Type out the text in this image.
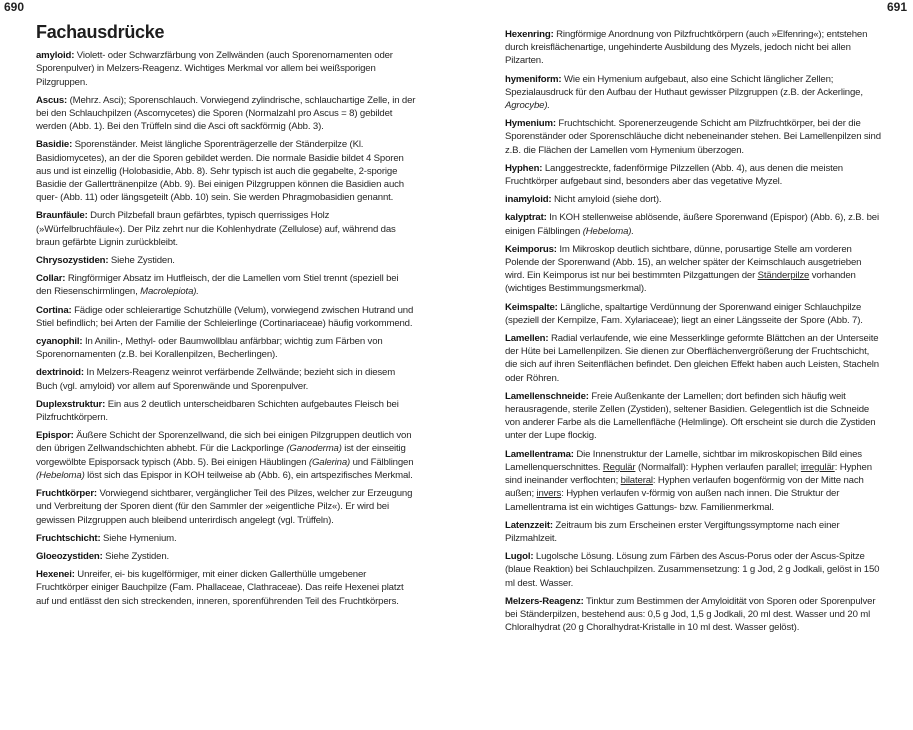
690	691
Fachausdrücke

amyloid: Violett- oder Schwarzfärbung von Zellwänden (auch Sporenornamenten oder Sporenpulver) in Melzers-Reagenz. Wichtiges Merkmal vor allem bei weißsporigen Pilzgruppen.

Ascus: (Mehrz. Asci); Sporenschlauch. Vorwiegend zylindrische, schlauchartige Zelle, in der bei den Schlauchpilzen (Ascomycetes) die Sporen (Normalzahl pro Ascus = 8) gebildet werden (Abb. 1). Bei den Trüffeln sind die Asci oft sackförmig (Abb. 3).

Basidie: Sporenständer. Meist längliche Sporenträgerzelle der Ständerpilze (Kl. Basidiomycetes), an der die Sporen gebildet werden. Die normale Basidie bildet 4 Sporen aus und ist einzellig (Holobasidie, Abb. 8). Sehr typisch ist auch die gegabelte, 2-sporige Basidie der Gallerttränenpilze (Abb. 9). Bei einigen Pilzgruppen können die Basidien auch quer- (Abb. 11) oder längsgeteilt (Abb. 10) sein. Sie werden Phragmobasidien genannt.

Braunfäule: Durch Pilzbefall braun gefärbtes, typisch querrissiges Holz (»Würfelbruchfäule«). Der Pilz zehrt nur die Kohlenhydrate (Zellulose) auf, während das braun gefärbte Lignin zurückbleibt.

Chrysozystiden: Siehe Zystiden.

Collar: Ringförmiger Absatz im Hutfleisch, der die Lamellen vom Stiel trennt (speziell bei den Riesenschirmlingen, Macrolepiota).

Cortina: Fädige oder schleierartige Schutzhülle (Velum), vorwiegend zwischen Hutrand und Stiel befindlich; bei Arten der Familie der Schleierlinge (Cortinariaceae) häufig vorkommend.

cyanophil: In Anilin-, Methyl- oder Baumwollblau anfärbbar; wichtig zum Färben von Sporenornamenten (z.B. bei Korallenpilzen, Becherlingen).

dextrinoid: In Melzers-Reagenz weinrot verfärbende Zellwände; bezieht sich in diesem Buch (vgl. amyloid) vor allem auf Sporenwände und Sporenpulver.

Duplexstruktur: Ein aus 2 deutlich unterscheidbaren Schichten aufgebautes Fleisch bei Pilzfruchtkörpern.

Epispor: Äußere Schicht der Sporenzellwand, die sich bei einigen Pilzgruppen deutlich von den übrigen Zellwandschichten abhebt. Für die Lackporlinge (Ganoderma) ist der einseitig vorgewölbte Episporsack typisch (Abb. 5). Bei einigen Häublingen (Galerina) und Fälblingen (Hebeloma) löst sich das Epispor in KOH teilweise ab (Abb. 6), ein artspezifisches Merkmal.

Fruchtkörper: Vorwiegend sichtbarer, vergänglicher Teil des Pilzes, welcher zur Erzeugung und Verbreitung der Sporen dient (für den Sammler der »eigentliche Pilz«). Er wird bei gewissen Pilzgruppen auch bleibend unterirdisch angelegt (vgl. Trüffeln).

Fruchtschicht: Siehe Hymenium.

Gloeozystiden: Siehe Zystiden.

Hexenei: Unreifer, ei- bis kugelförmiger, mit einer dicken Gallerthülle umgebener Fruchtkörper einiger Bauchpilze (Fam. Phallaceae, Clathraceae). Das reife Hexenei platzt auf und entlässt den sich streckenden, inneren, sporenführenden Teil des Fruchtkörpers.

Hexenring: Ringförmige Anordnung von Pilzfruchtkörpern (auch »Elfenring«); entstehen durch kreisflächenartige, ungehinderte Ausbildung des Myzels, jedoch nicht bei allen Pilzarten.

hymeniform: Wie ein Hymenium aufgebaut, also eine Schicht länglicher Zellen; Spezialausdruck für den Aufbau der Huthaut gewisser Pilzgruppen (z.B. der Ackerlinge, Agrocybe).

Hymenium: Fruchtschicht. Sporenerzeugende Schicht am Pilzfruchtkörper, bei der die Sporenständer oder Sporenschläuche dicht nebeneinander stehen. Bei Lamellenpilzen sind z.B. die Flächen der Lamellen vom Hymenium überzogen.

Hyphen: Langgestreckte, fadenförmige Pilzzellen (Abb. 4), aus denen die meisten Fruchtkörper aufgebaut sind, besonders aber das vegetative Myzel.

inamyloid: Nicht amyloid (siehe dort).

kalyptrat: In KOH stellenweise ablösende, äußere Sporenwand (Epispor) (Abb. 6), z.B. bei einigen Fälblingen (Hebeloma).

Keimporus: Im Mikroskop deutlich sichtbare, dünne, porusartige Stelle am vorderen Polende der Sporenwand (Abb. 15), an welcher später der Keimschlauch ausgetrieben wird. Ein Keimporus ist nur bei bestimmten Pilzgattungen der Ständerpilze vorhanden (wichtiges Bestimmungsmerkmal).

Keimspalte: Längliche, spaltartige Verdünnung der Sporenwand einiger Schlauchpilze (speziell der Kernpilze, Fam. Xylariaceae); liegt an einer Längsseite der Spore (Abb. 7).

Lamellen: Radial verlaufende, wie eine Messerklinge geformte Blättchen an der Unterseite der Hüte bei Lamellenpilzen. Sie dienen zur Oberflächenvergrößerung der Fruchtschicht, die sich auf ihren Seitenflächen befindet. Den gleichen Effekt haben auch Leisten, Stacheln oder Röhren.

Lamellenschneide: Freie Außenkante der Lamellen; dort befinden sich häufig weit herausragende, sterile Zellen (Zystiden), seltener Basidien. Gelegentlich ist die Schneide von anderer Farbe als die Lamellenfläche (Helmlinge). Oft erscheint sie durch die Zystiden unter der Lupe flockig.

Lamellentrama: Die Innenstruktur der Lamelle, sichtbar im mikroskopischen Bild eines Lamellenquerschnittes. Regulär (Normalfall): Hyphen verlaufen parallel; irregulär: Hyphen sind ineinander verflochten; bilateral: Hyphen verlaufen bogenförmig von der Mitte nach außen; invers: Hyphen verlaufen v-förmig von außen nach innen. Die Struktur der Lamellentrama ist ein wichtiges Gattungs- bzw. Familienmerkmal.

Latenzzeit: Zeitraum bis zum Erscheinen erster Vergiftungssymptome nach einer Pilzmahlzeit.

Lugol: Lugolsche Lösung. Lösung zum Färben des Ascus-Porus oder der Ascus-Spitze (blaue Reaktion) bei Schlauchpilzen. Zusammensetzung: 1 g Jod, 2 g Jodkali, gelöst in 150 ml dest. Wasser.

Melzers-Reagenz: Tinktur zum Bestimmen der Amyloidität von Sporen oder Sporenpulver bei Ständerpilzen, bestehend aus: 0,5 g Jod, 1,5 g Jodkali, 20 ml dest. Wasser und 20 ml Chloralhydrat (20 g Choralhydrat-Kristalle in 10 ml dest. Wasser gelöst).
